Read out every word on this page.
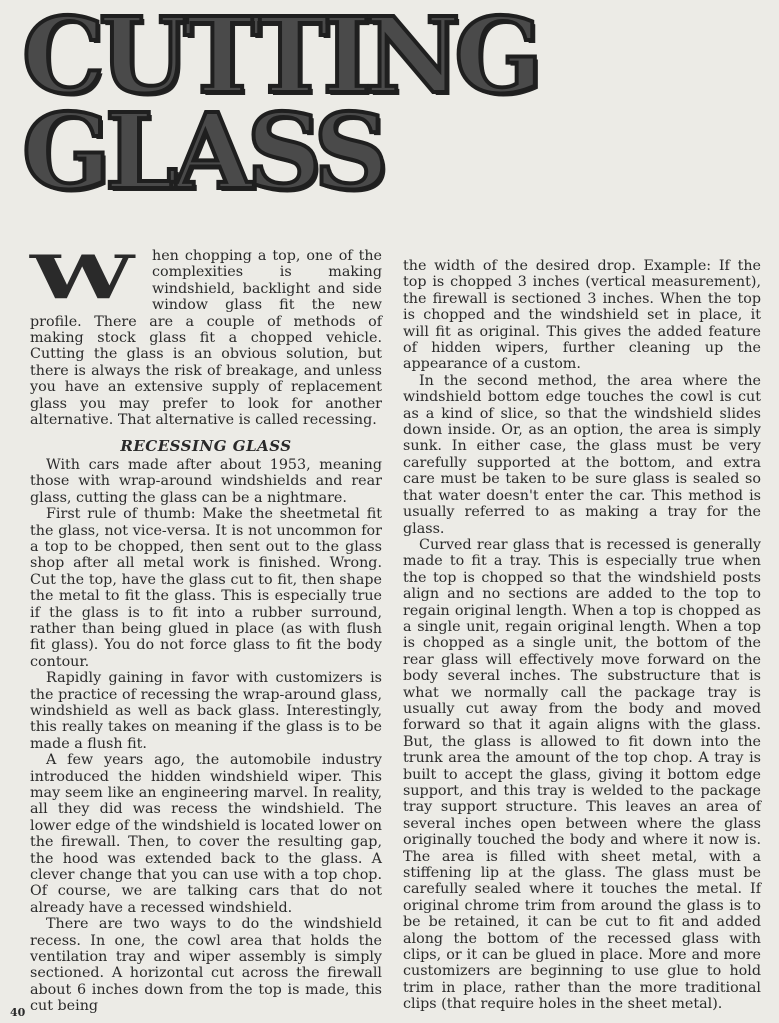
CUTTING
GLASS

W	hen chopping a top, one of the complexities is making windshield, backlight and side window glass fit the new profile. There are a couple of methods of making stock glass fit a chopped vehicle. Cutting the glass is an obvious solution, but there is always the risk of breakage, and unless you have an extensive supply of replacement glass you may prefer to look for another alternative. That alternative is called recessing.

RECESSING GLASS

With cars made after about 1953, meaning those with wrap-around windshields and rear glass, cutting the glass can be a nightmare.

First rule of thumb: Make the sheetmetal fit the glass, not vice-versa. It is not uncommon for a top to be chopped, then sent out to the glass shop after all metal work is finished. Wrong. Cut the top, have the glass cut to fit, then shape the metal to fit the glass. This is especially true if the glass is to fit into a rubber surround, rather than being glued in place (as with flush fit glass). You do not force glass to fit the body contour.

Rapidly gaining in favor with customizers is the practice of recessing the wrap-around glass, windshield as well as back glass. Interestingly, this really takes on meaning if the glass is to be made a flush fit.

A few years ago, the automobile industry introduced the hidden windshield wiper. This may seem like an engineering marvel. In reality, all they did was recess the windshield. The lower edge of the windshield is located lower on the firewall. Then, to cover the resulting gap, the hood was extended back to the glass. A clever change that you can use with a top chop. Of course, we are talking cars that do not already have a recessed windshield.

There are two ways to do the windshield recess. In one, the cowl area that holds the ventilation tray and wiper assembly is simply sectioned. A horizontal cut across the firewall about 6 inches down from the top is made, this cut being

the width of the desired drop. Example: If the top is chopped 3 inches (vertical measurement), the firewall is sectioned 3 inches. When the top is chopped and the windshield set in place, it will fit as original. This gives the added feature of hidden wipers, further cleaning up the appearance of a custom.

In the second method, the area where the windshield bottom edge touches the cowl is cut as a kind of slice, so that the windshield slides down inside. Or, as an option, the area is simply sunk. In either case, the glass must be very carefully supported at the bottom, and extra care must be taken to be sure glass is sealed so that water doesn't enter the car. This method is usually referred to as making a tray for the glass.

Curved rear glass that is recessed is generally made to fit a tray. This is especially true when the top is chopped so that the windshield posts align and no sections are added to the top to regain original length. When a top is chopped as a single unit, regain original length. When a top is chopped as a single unit, the bottom of the rear glass will effectively move forward on the body several inches. The substructure that is what we normally call the package tray is usually cut away from the body and moved forward so that it again aligns with the glass. But, the glass is allowed to fit down into the trunk area the amount of the top chop. A tray is built to accept the glass, giving it bottom edge support, and this tray is welded to the package tray support structure. This leaves an area of several inches open between where the glass originally touched the body and where it now is. The area is filled with sheet metal, with a stiffening lip at the glass. The glass must be carefully sealed where it touches the metal. If original chrome trim from around the glass is to be be retained, it can be cut to fit and added along the bottom of the recessed glass with clips, or it can be glued in place. More and more customizers are beginning to use glue to hold trim in place, rather than the more traditional clips (that require holes in the sheet metal).

40
